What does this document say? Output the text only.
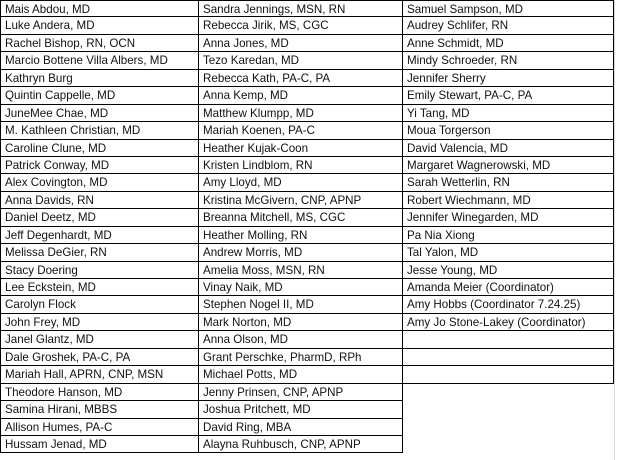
Mais Abdou, MD
Luke Andera, MD
Rachel Bishop, RN, OCN
Marcio Bottene Villa Albers, MD
Kathryn Burg
Quintin Cappelle, MD
JuneMee Chae, MD
M. Kathleen Christian, MD
Caroline Clune, MD
Patrick Conway, MD
Alex Covington, MD
Anna Davids, RN
Daniel Deetz, MD
Jeff Degenhardt, MD
Melissa DeGier, RN
Stacy Doering
Lee Eckstein, MD
Carolyn Flock
John Frey, MD
Janel Glantz, MD
Dale Groshek, PA-C, PA
Mariah Hall, APRN, CNP, MSN
Theodore Hanson, MD
Samina Hirani, MBBS
Allison Humes, PA-C
Hussam Jenad, MD
Sandra Jennings, MSN, RN
Rebecca Jirik, MS, CGC
Anna Jones, MD
Tezo Karedan, MD
Rebecca Kath, PA-C, PA
Anna Kemp, MD
Matthew Klumpp, MD
Mariah Koenen, PA-C
Heather Kujak-Coon
Kristen Lindblom, RN
Amy Lloyd, MD
Kristina McGivern, CNP, APNP
Breanna Mitchell, MS, CGC
Heather Molling, RN
Andrew Morris, MD
Amelia Moss, MSN, RN
Vinay Naik, MD
Stephen Nogel II, MD
Mark Norton, MD
Anna Olson, MD
Grant Perschke, PharmD, RPh
Michael Potts, MD
Jenny Prinsen, CNP, APNP
Joshua Pritchett, MD
David Ring, MBA
Alayna Ruhbusch, CNP, APNP
Samuel Sampson, MD
Audrey Schlifer, RN
Anne Schmidt, MD
Mindy Schroeder, RN
Jennifer Sherry
Emily Stewart, PA-C, PA
Yi Tang, MD
Moua Torgerson
David Valencia, MD
Margaret Wagnerowski, MD
Sarah Wetterlin, RN
Robert Wiechmann, MD
Jennifer Winegarden, MD
Pa Nia Xiong
Tal Yalon, MD
Jesse Young, MD
Amanda Meier (Coordinator)
Amy Hobbs (Coordinator 7.24.25)
Amy Jo Stone-Lakey (Coordinator)
